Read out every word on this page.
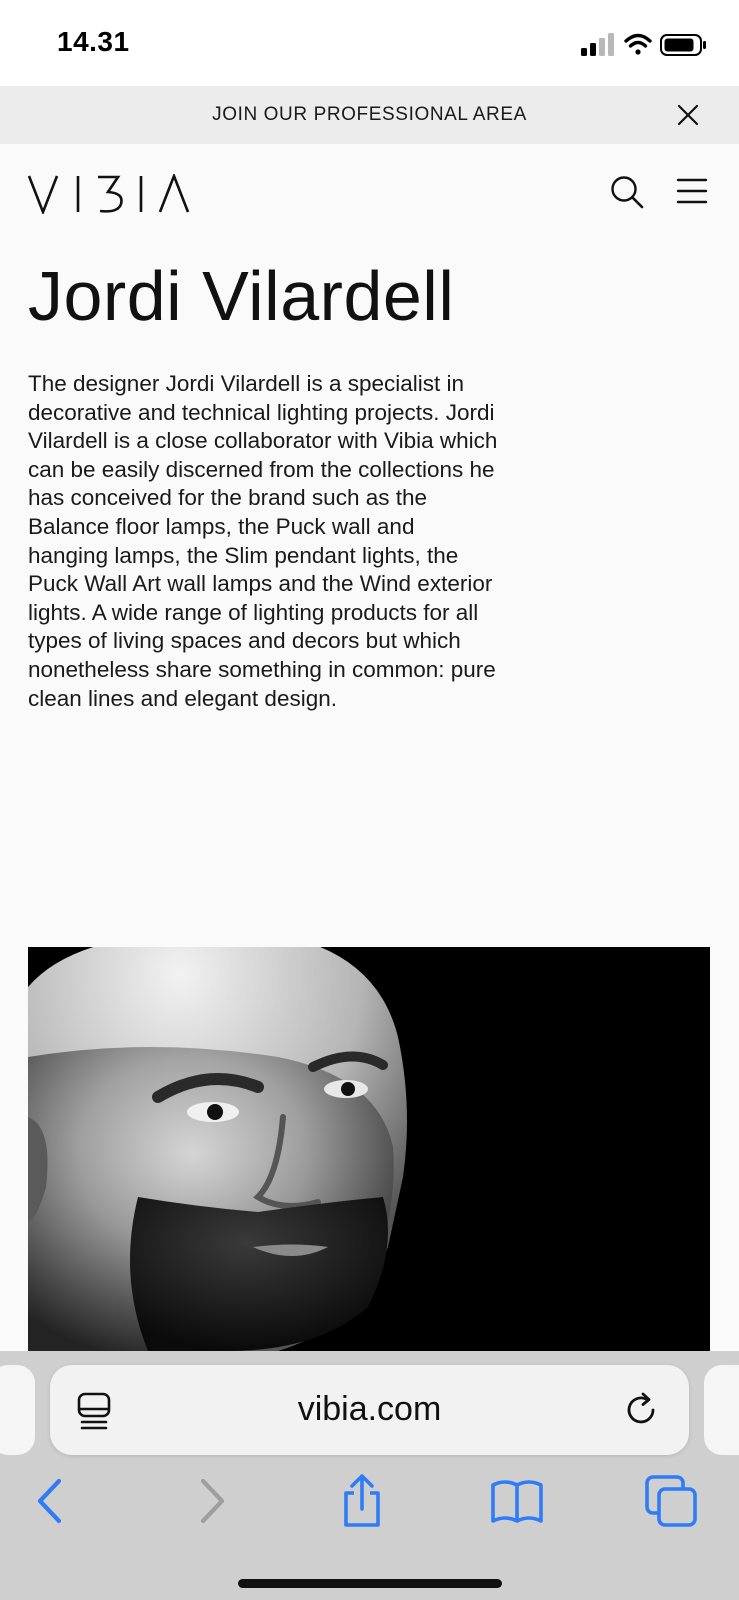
14.31
JOIN OUR PROFESSIONAL AREA
Jordi Vilardell

The designer Jordi Vilardell is a specialist in decorative and technical lighting projects. Jordi Vilardell is a close collaborator with Vibia which can be easily discerned from the collections he has conceived for the brand such as the Balance floor lamps, the Puck wall and hanging lamps, the Slim pendant lights, the Puck Wall Art wall lamps and the Wind exterior lights. A wide range of lighting products for all types of living spaces and decors but which nonetheless share something in common: pure clean lines and elegant design.

vibia.com
